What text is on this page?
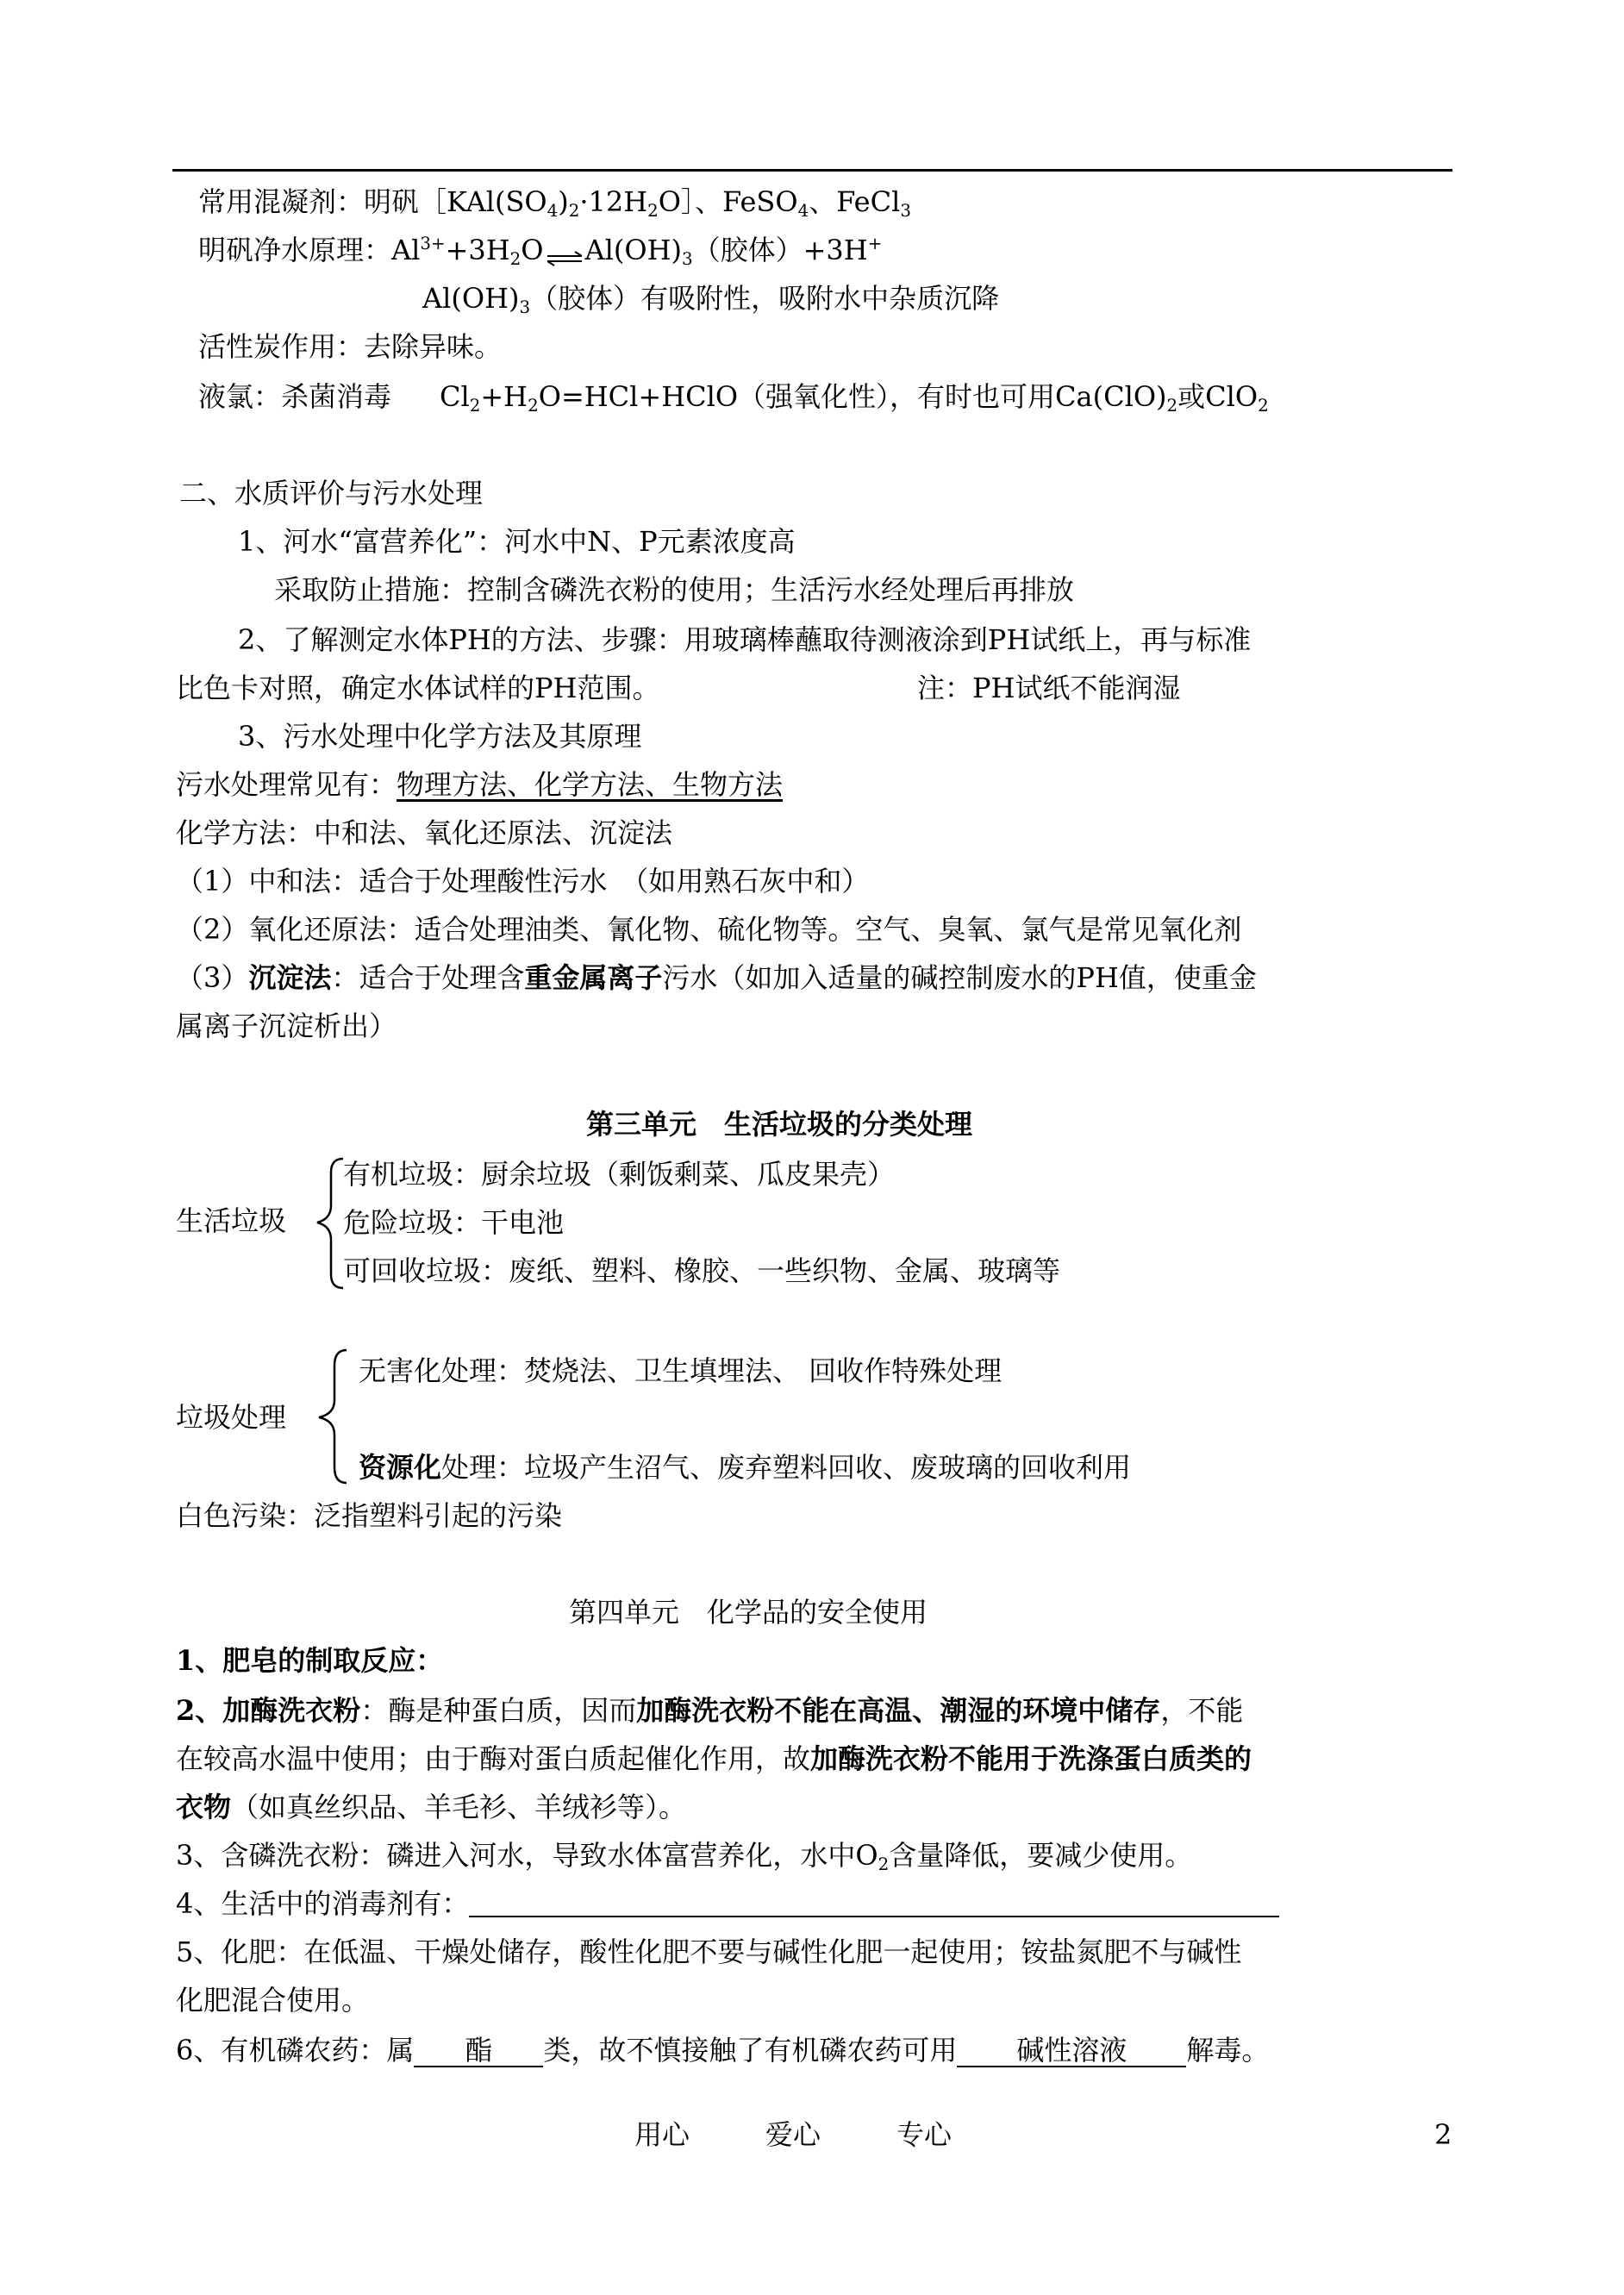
常用混凝剂：明矾$[KAl(SO_4)_2\cdot 12H_2O]$、FeSO$_4$、FeCl$_3$
明矾净水原理：$Al^{3+}+3H_2O$ ⇌ $Al(OH)_3$（胶体）+3H+
$Al(OH)_3$（胶体）有吸附性，吸附水中杂质沉降
活性炭作用：去除异味。
液氯：杀菌消毒 $Cl_2+H_2O=HCl+HClO$（强氧化性），有时也可用$Ca(ClO)_2$或ClO$_2$
二、水质评价与污水处理
1、河水“富营养化”：河水中N、P元素浓度高
采取防止措施：控制含磷洗衣粉的使用；生活污水经处理后再排放
2、了解测定水体PH的方法、步骤：用玻璃棒蘸取待测液涂到PH试纸上，再与标准
比色卡对照，确定水体试样的PH范围。	注：PH试纸不能润湿
3、污水处理中化学方法及其原理
污水处理常见有：物理方法、化学方法、生物方法
化学方法：中和法、氧化还原法、沉淀法
（1）中和法：适合于处理酸性污水　（如用熟石灰中和）
（2）氧化还原法：适合处理油类、氰化物、硫化物等。空气、臭氧、氯气是常见氧化剂
（3）沉淀法：适合于处理含重金属离子污水（如加入适量的碱控制废水的PH值，使重金
属离子沉淀析出）
第三单元　生活垃圾的分类处理
生活垃圾
有机垃圾：厨余垃圾（剩饭剩菜、瓜皮果壳）
危险垃圾：干电池
可回收垃圾：废纸、塑料、橡胶、一些织物、金属、玻璃等
垃圾处理
无害化处理：焚烧法、卫生填埋法、 回收作特殊处理
资源化处理：垃圾产生沼气、废弃塑料回收、废玻璃的回收利用
白色污染：泛指塑料引起的污染
第四单元　化学品的安全使用
1、肥皂的制取反应：
2、加酶洗衣粉：酶是种蛋白质，因而加酶洗衣粉不能在高温、潮湿的环境中储存，不能
在较高水温中使用；由于酶对蛋白质起催化作用，故加酶洗衣粉不能用于洗涤蛋白质类的
衣物（如真丝织品、羊毛衫、羊绒衫等）。
3、含磷洗衣粉：磷进入河水，导致水体富营养化，水中$O_2$含量降低，要减少使用。
4、生活中的消毒剂有：
5、化肥：在低温、干燥处储存，酸性化肥不要与碱性化肥一起使用；铵盐氮肥不与碱性
化肥混合使用。
6、有机磷农药：属 酯 类，故不慎接触了有机磷农药可用 碱性溶液 解毒。
用心	爱心	专心	2
